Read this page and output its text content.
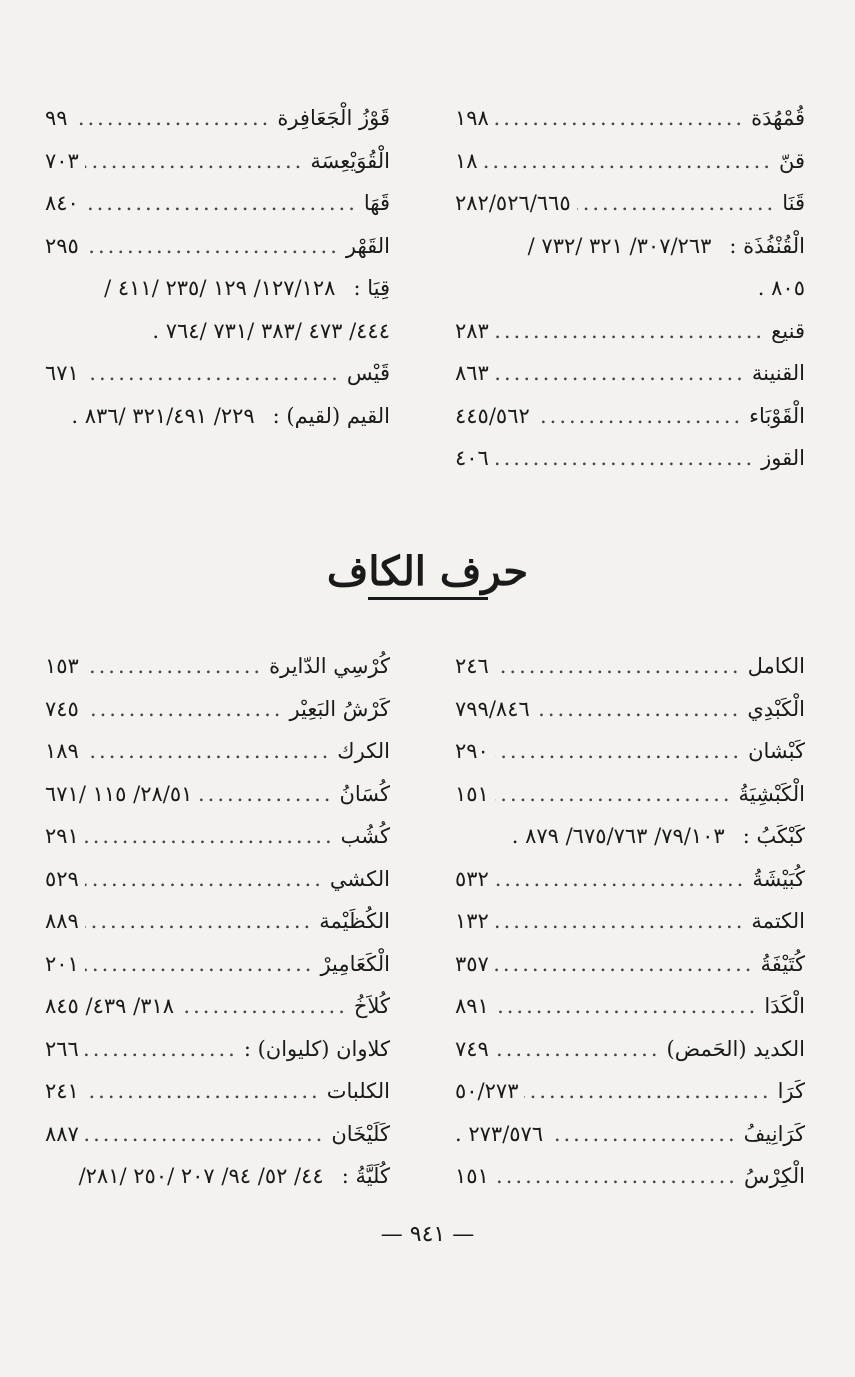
قُمْهُدَة
.....
١٩٨
قنّ
.....
١٨
قَنَا
.....
٢٨٢/٥٢٦/٦٦٥
الْقُنْفُذَة :٣٠٧/٢٦٣/ ٣٢١ /٧٣٢ /
٨٠٥ .
قنيع
.....
٢٨٣
القنينة
.....
٨٦٣
الْقَوْبَاء
.....
٤٤٥/٥٦٢
القوز
.....
٤٠٦
قَوْزُ الْجَعَافِرة
.....
٩٩
الْقُوَيْعِسَة
.....
٧٠٣
قَهَا
.....
٨٤٠
القَهْر
.....
٢٩٥
قِيَا :١٢٧/١٢٨/ ١٢٩ /٢٣٥ /٤١١ /
٤٤٤/ ٤٧٣ /٣٨٣ /٧٣١ /٧٦٤ .
قَيْس
.....
٦٧١
القيم (لقيم) :٢٢٩/ ٣٢١/٤٩١ /٨٣٦ .
حرف الكاف
الكامل
.....
٢٤٦
الْكَبْدِي
.....
٧٩٩/٨٤٦
كَبْشان
.....
٢٩٠
الْكَبْشِيَةُ
.....
١٥١
كَبْكَبُ :٧٩/١٠٣/ ٦٧٥/٧٦٣/ ٨٧٩ .
كُبَيْشَةُ
.....
٥٣٢
الكتمة
.....
١٣٢
كُتَيْفَةُ
.....
٣٥٧
الْكَدَا
.....
٨٩١
الكديد (الحَمض)
.....
٧٤٩
كَرَا
.....
٥٠/٢٧٣
كَرَانِيفُ
.....
٢٧٣/٥٧٦ .
الْكِرْسُ
.....
١٥١
كُرْسِي الدّايرة
.....
١٥٣
كَرْشُ البَعِيْر
.....
٧٤٥
الكرك
.....
١٨٩
كُسَانُ
.....
٢٨/٥١/ ١١٥ /٦٧١
كُشُب
.....
٢٩١
الكشي
.....
٥٢٩
الكُظَيْمة
.....
٨٨٩
الْكَعَامِيرْ
.....
٢٠١
كُلاَخُ
.....
٣١٨/ ٤٣٩/ ٨٤٥
كلاوان (كليوان) :
.....
٢٦٦
الكلبات
.....
٢٤١
كَلَيْخَان
.....
٨٨٧
كُلَيَّةُ :٤٤/ ٥٢/ ٩٤/ ٢٠٧ /٢٥٠ /٢٨١/
— ٩٤١ —
